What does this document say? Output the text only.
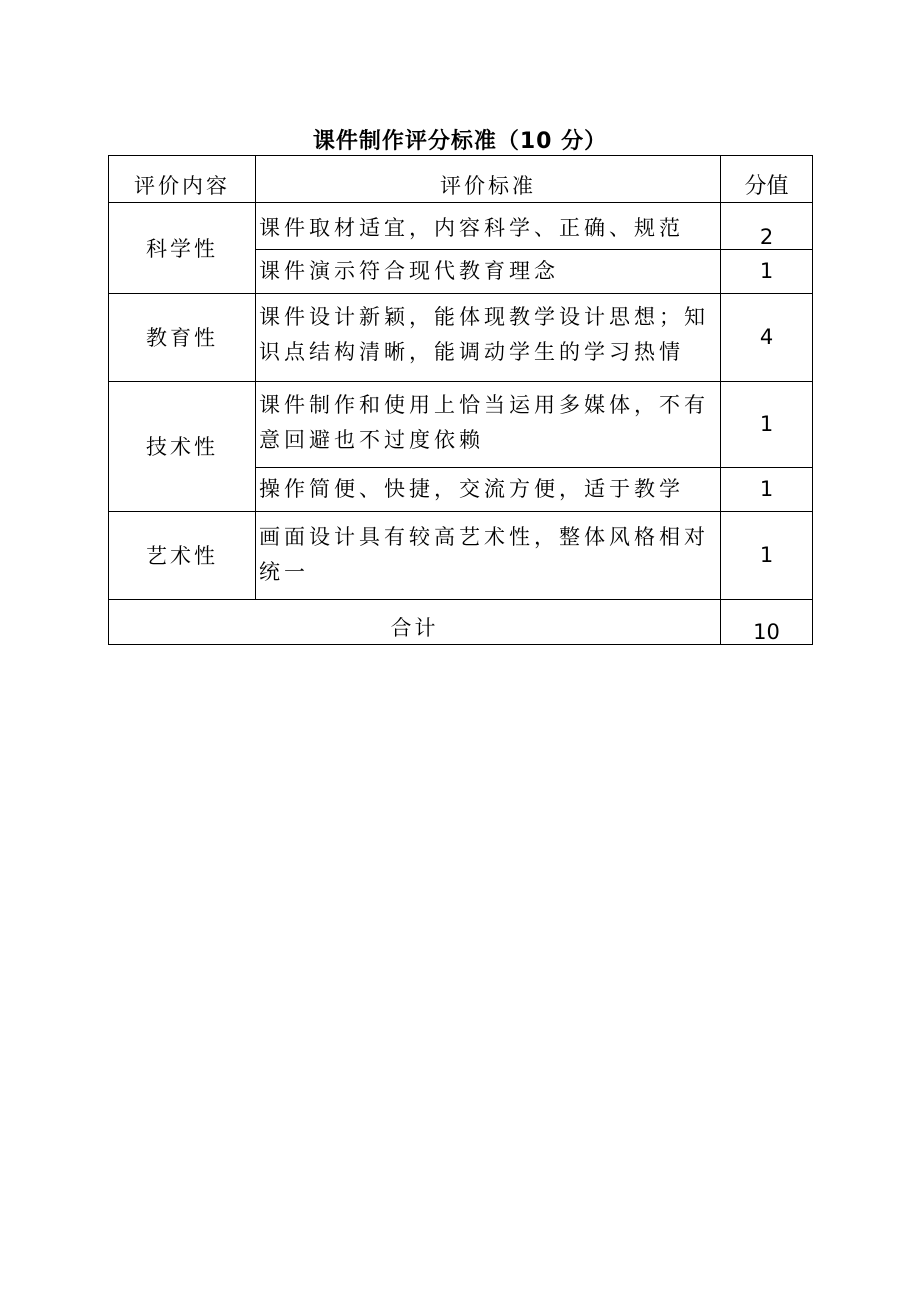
课件制作评分标准（10 分）
评价内容	评价标准	分值
科学性	课件取材适宜，内容科学、正确、规范	2
	课件演示符合现代教育理念	1
教育性	课件设计新颖，能体现教学设计思想；知识点结构清晰，能调动学生的学习热情	4
技术性	课件制作和使用上恰当运用多媒体，不有意回避也不过度依赖	1
	操作简便、快捷，交流方便，适于教学	1
艺术性	画面设计具有较高艺术性，整体风格相对统一	1
合计		10
